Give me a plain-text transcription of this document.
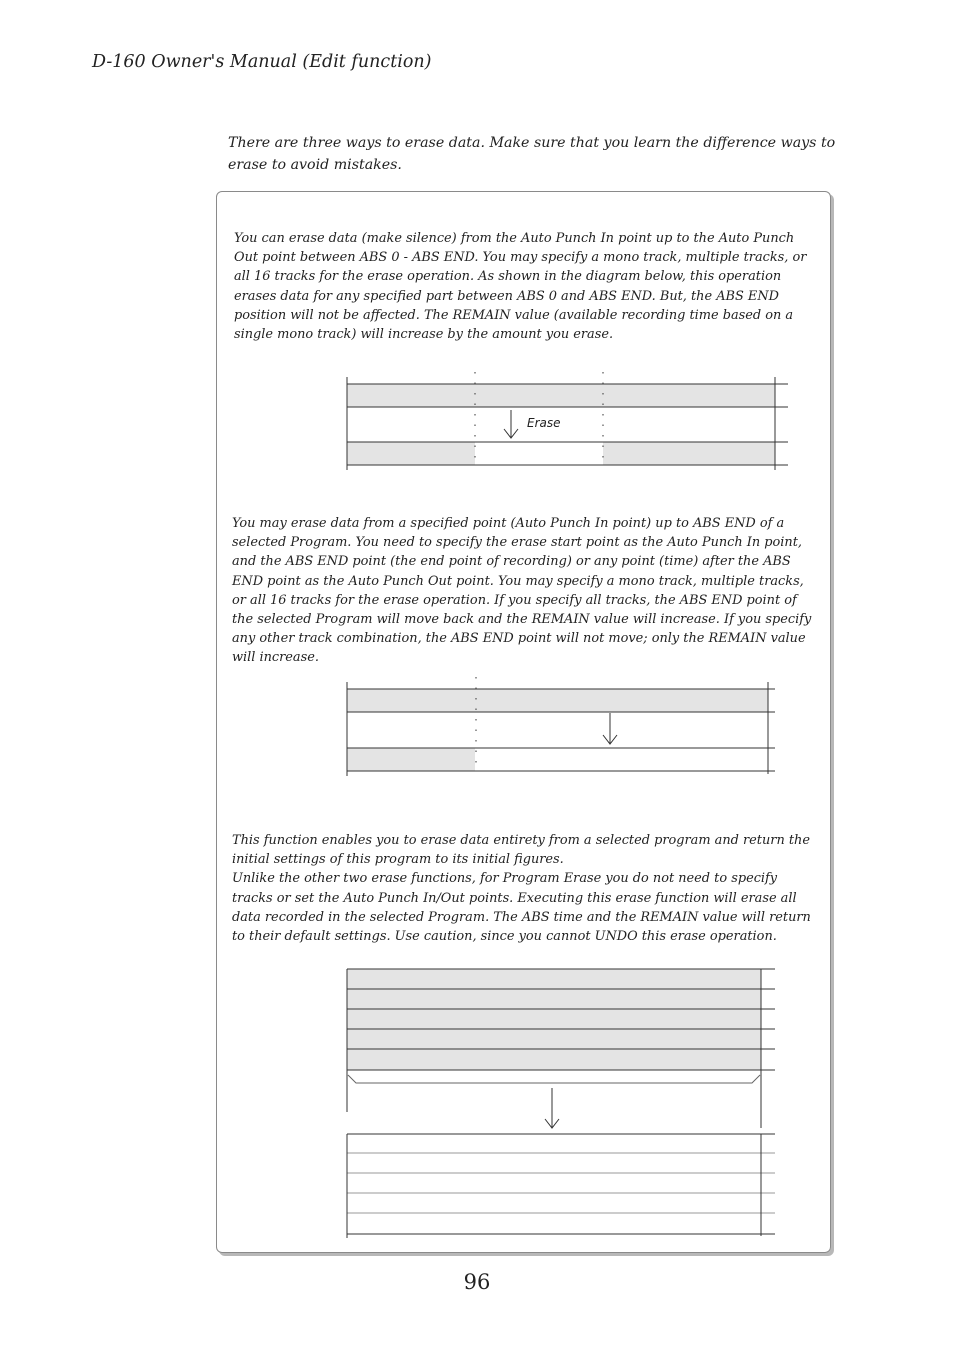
D-160 Owner's Manual (Edit function)
There are three ways to erase data. Make sure that you learn the difference ways to erase to avoid mistakes.
You can erase data (make silence) from the Auto Punch In point up to the Auto Punch Out point between ABS 0 - ABS END. You may specify a mono track, multiple tracks, or all 16 tracks for the erase operation. As shown in the diagram below, this operation erases data for any specified part between ABS 0 and ABS END. But, the ABS END position will not be affected. The REMAIN value (available recording time based on a single mono track) will increase by the amount you erase.
You may erase data from a specified point (Auto Punch In point) up to ABS END of a selected Program. You need to specify the erase start point as the Auto Punch In point, and the ABS END point (the end point of recording) or any point (time) after the ABS END point as the Auto Punch Out point. You may specify a mono track, multiple tracks, or all 16 tracks for the erase operation. If you specify all tracks, the ABS END point of the selected Program will move back and the REMAIN value will increase. If you specify any other track combination, the ABS END point will not move; only the REMAIN value will increase.
This function enables you to erase data entirety from a selected program and return the initial settings of this program to its initial figures.
Unlike the other two erase functions, for Program Erase you do not need to specify tracks or set the Auto Punch In/Out points. Executing this erase function will erase all data recorded in the selected Program. The ABS time and the REMAIN value will return to their default settings. Use caution, since you cannot UNDO this erase operation.
Erase
96
